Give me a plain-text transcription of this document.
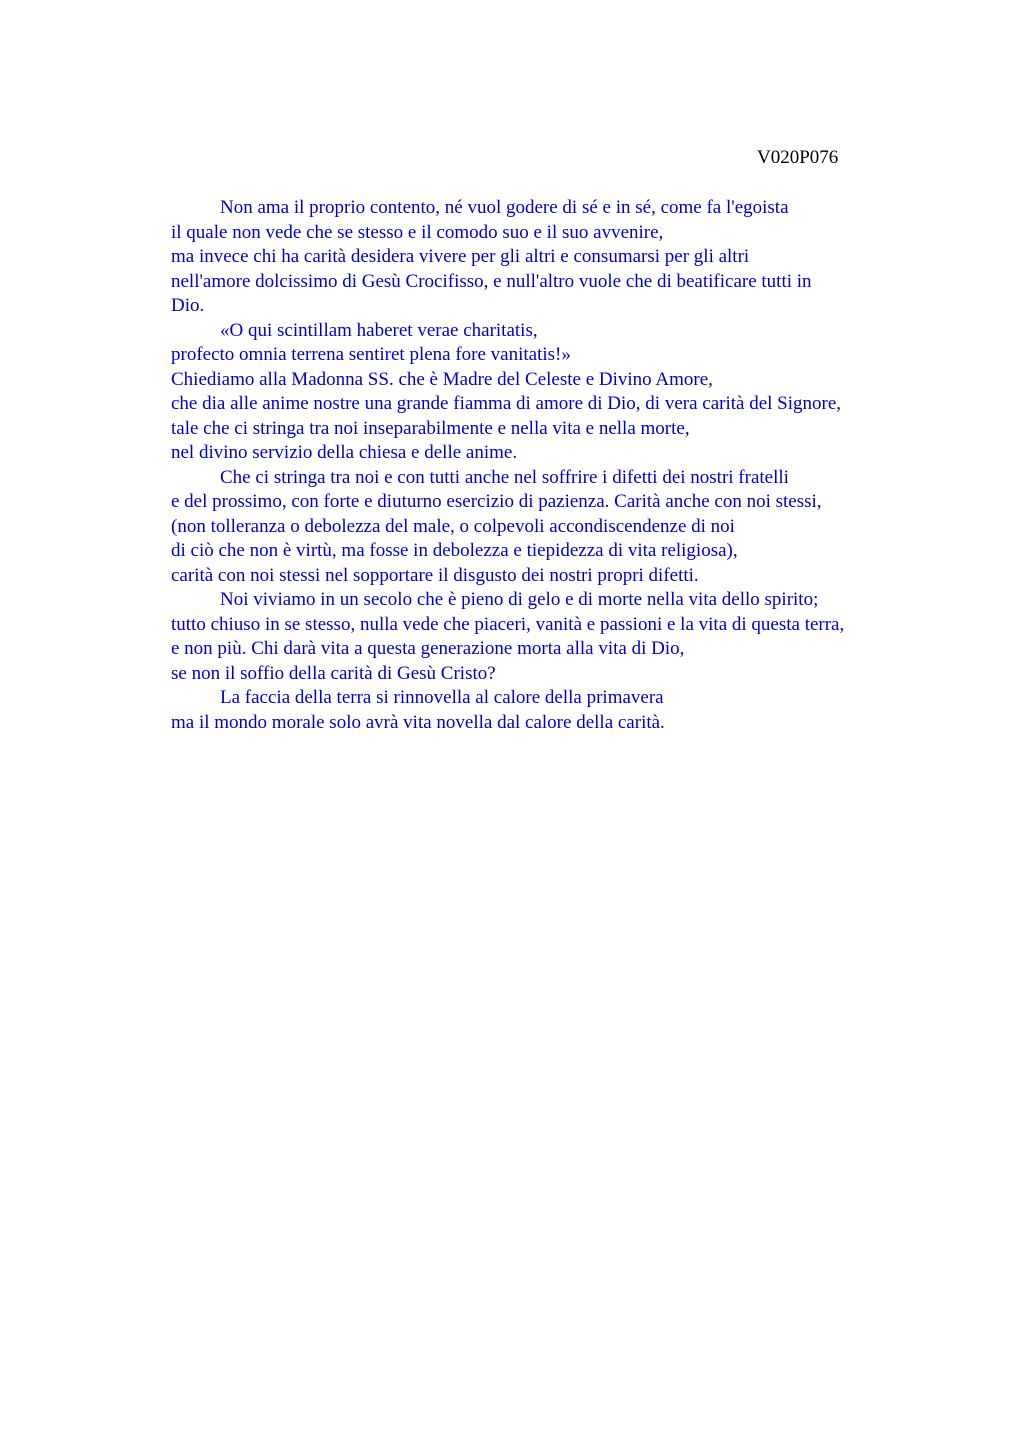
V020P076
Non ama il proprio contento, né vuol godere di sé e in sé, come fa l'egoista
il quale non vede che se stesso e il comodo suo e il suo avvenire,
ma invece chi ha carità desidera vivere per gli altri e consumarsi per gli altri
nell'amore dolcissimo di Gesù Crocifisso, e null'altro vuole che di beatificare tutti in
Dio.
«O qui scintillam haberet verae charitatis,
profecto omnia terrena sentiret plena fore vanitatis!»
Chiediamo alla Madonna SS. che è Madre del Celeste e Divino Amore,
che dia alle anime nostre una grande fiamma di amore di Dio, di vera carità del Signore,
tale che ci stringa tra noi inseparabilmente e nella vita e nella morte,
nel divino servizio della chiesa e delle anime.
Che ci stringa tra noi e con tutti anche nel soffrire i difetti dei nostri fratelli
e del prossimo, con forte e diuturno esercizio di pazienza. Carità anche con noi stessi,
(non tolleranza o debolezza del male, o colpevoli accondiscendenze di noi
di ciò che non è virtù, ma fosse in debolezza e tiepidezza di vita religiosa),
carità con noi stessi nel sopportare il disgusto dei nostri propri difetti.
Noi viviamo in un secolo che è pieno di gelo e di morte nella vita dello spirito;
tutto chiuso in se stesso, nulla vede che piaceri, vanità e passioni e la vita di questa terra,
e non più. Chi darà vita a questa generazione morta alla vita di Dio,
se non il soffio della carità di Gesù Cristo?
La faccia della terra si rinnovella al calore della primavera
ma il mondo morale solo avrà vita novella dal calore della carità.
